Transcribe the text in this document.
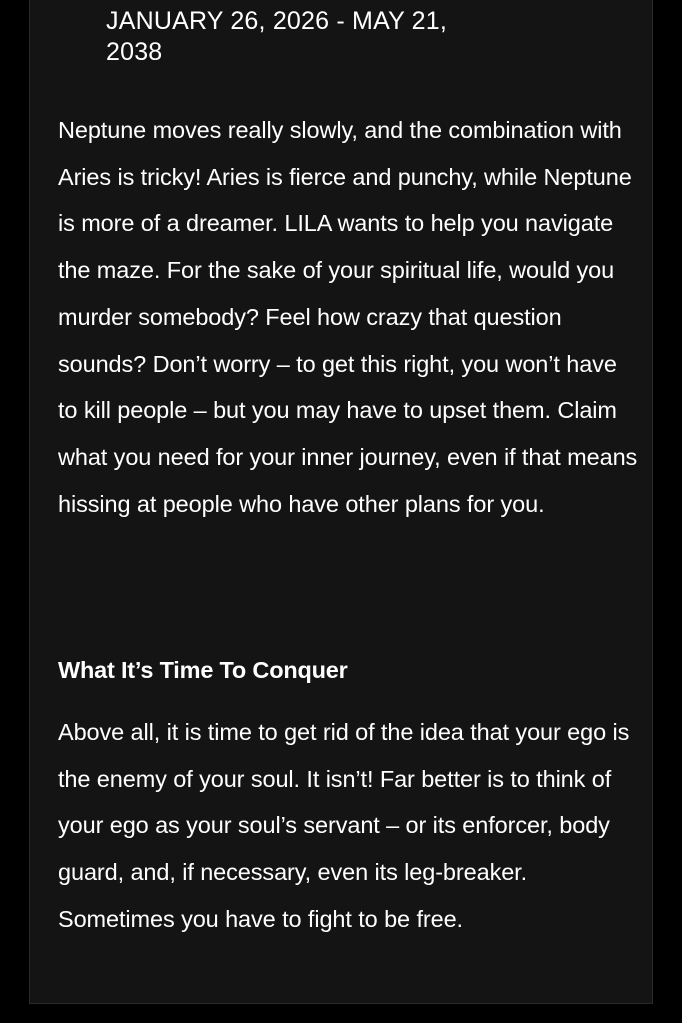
JANUARY 26, 2026 - MAY 21, 2038

Neptune moves really slowly, and the combination with Aries is tricky! Aries is fierce and punchy, while Neptune is more of a dreamer. LILA wants to help you navigate the maze. For the sake of your spiritual life, would you murder somebody? Feel how crazy that question sounds? Don’t worry – to get this right, you won’t have to kill people – but you may have to upset them. Claim what you need for your inner journey, even if that means hissing at people who have other plans for you.

What It’s Time To Conquer

Above all, it is time to get rid of the idea that your ego is the enemy of your soul. It isn’t! Far better is to think of your ego as your soul’s servant – or its enforcer, body guard, and, if necessary, even its leg-breaker. Sometimes you have to fight to be free.
